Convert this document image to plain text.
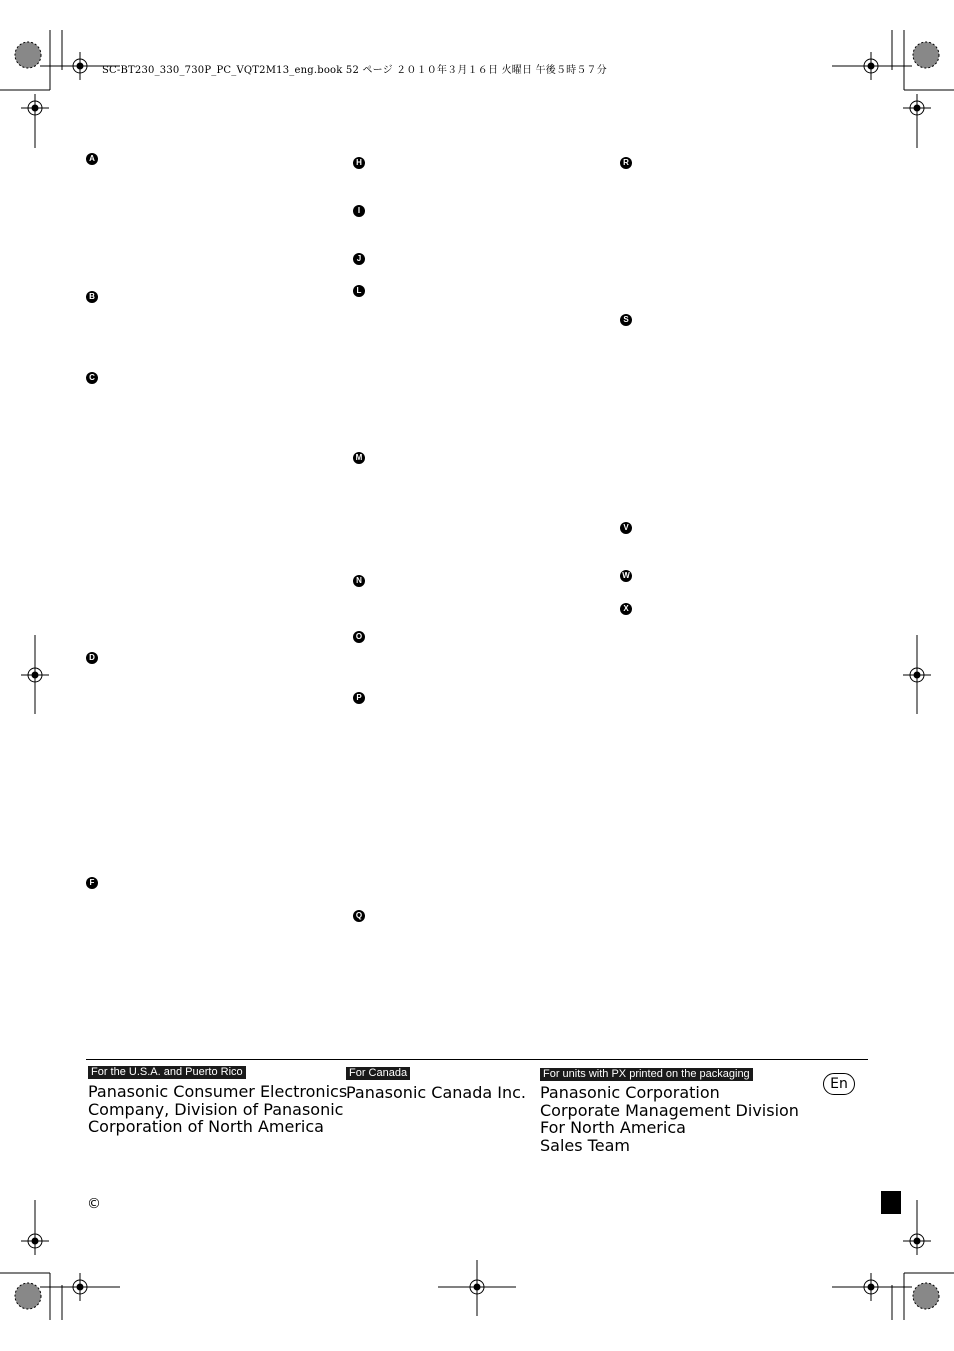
SC-BT230_330_730P_PC_VQT2M13_eng.book 52 ページ ２０１０年３月１６日 火曜日 午後５時５７分
A
B
C
D
F
H
I
J
L
M
N
O
P
Q
R
S
V
W
X
For the U.S.A. and Puerto Rico
Panasonic Consumer Electronics
Company, Division of Panasonic
Corporation of North America
For Canada
Panasonic Canada Inc.
For units with PX printed on the packaging
Panasonic Corporation
Corporate Management Division
For North America
Sales Team
En
©
